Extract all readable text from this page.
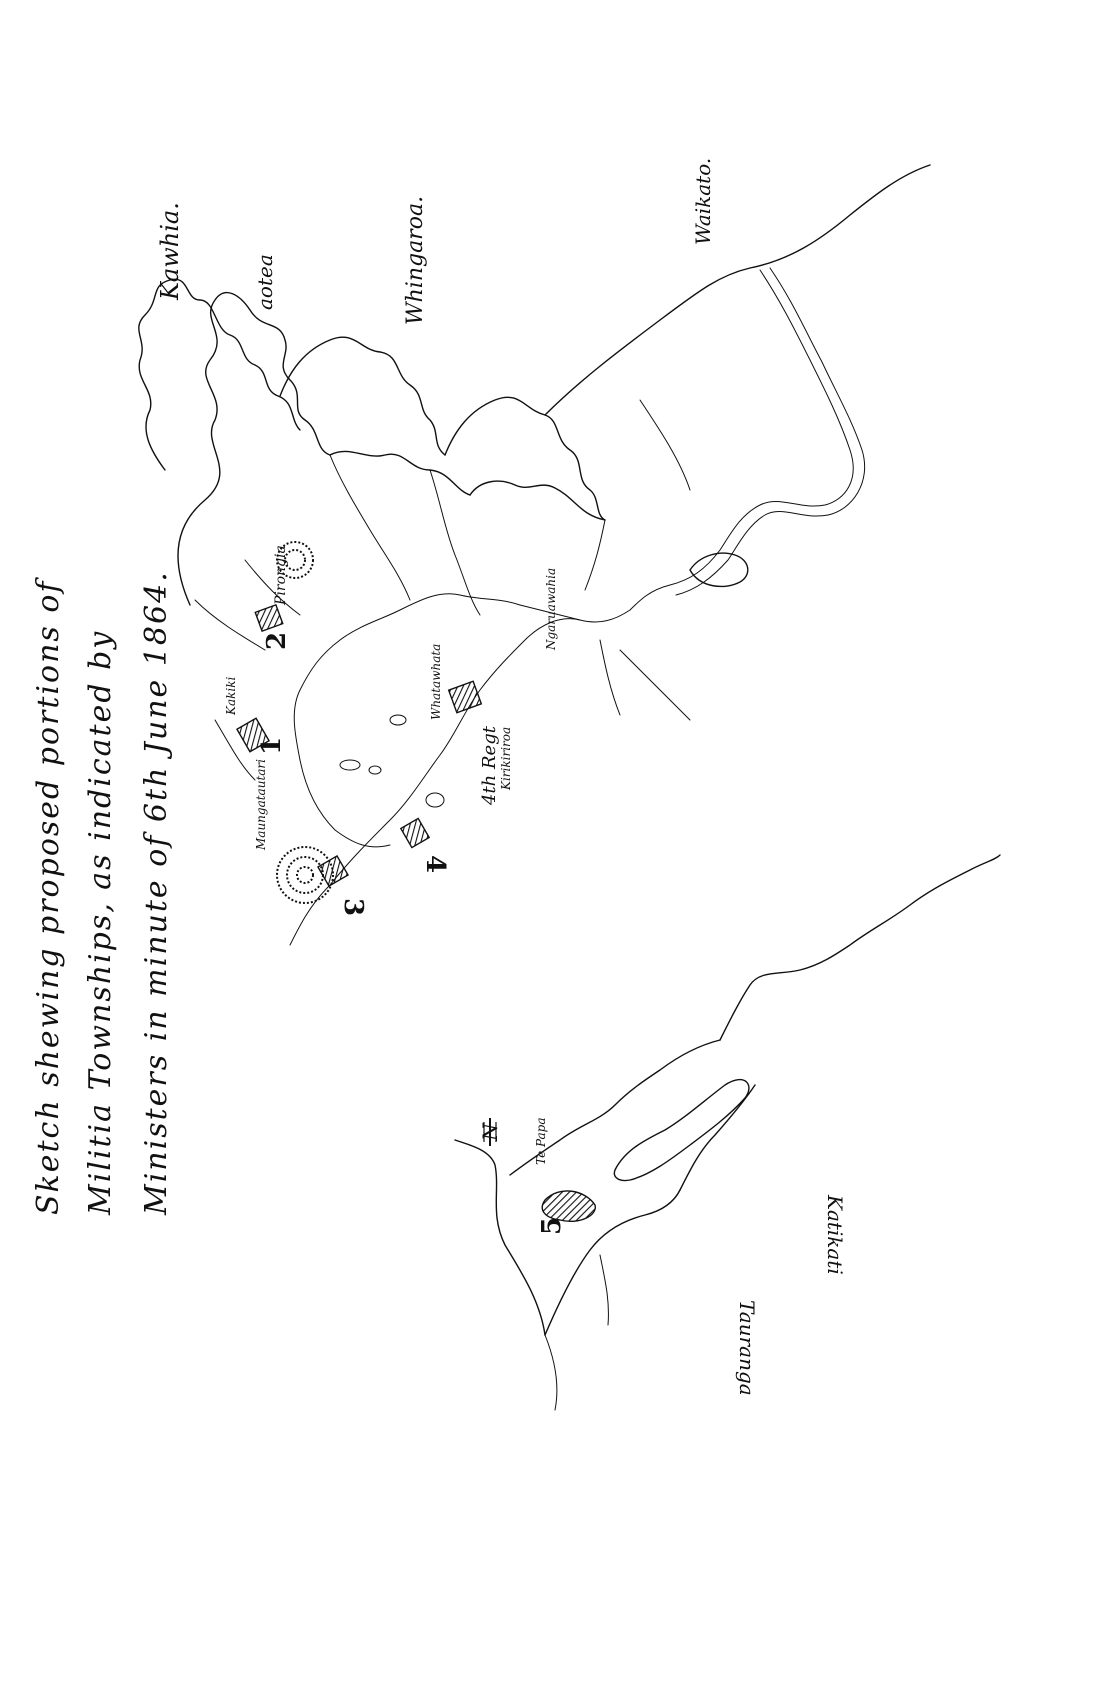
Sketch shewing proposed portions of Militia Townships, as indicated by Ministers in minute of 6th June 1864.	1
2
3
4
5
Kawhia.	aotea	Whingaroa.	Waikato.
Pirongia
Kakiki
Maungatautari
Whatawhata
Ngaruawahia
Kirikiriroa
4th Regt
Te Papa
Tauranga
Katikati
N
